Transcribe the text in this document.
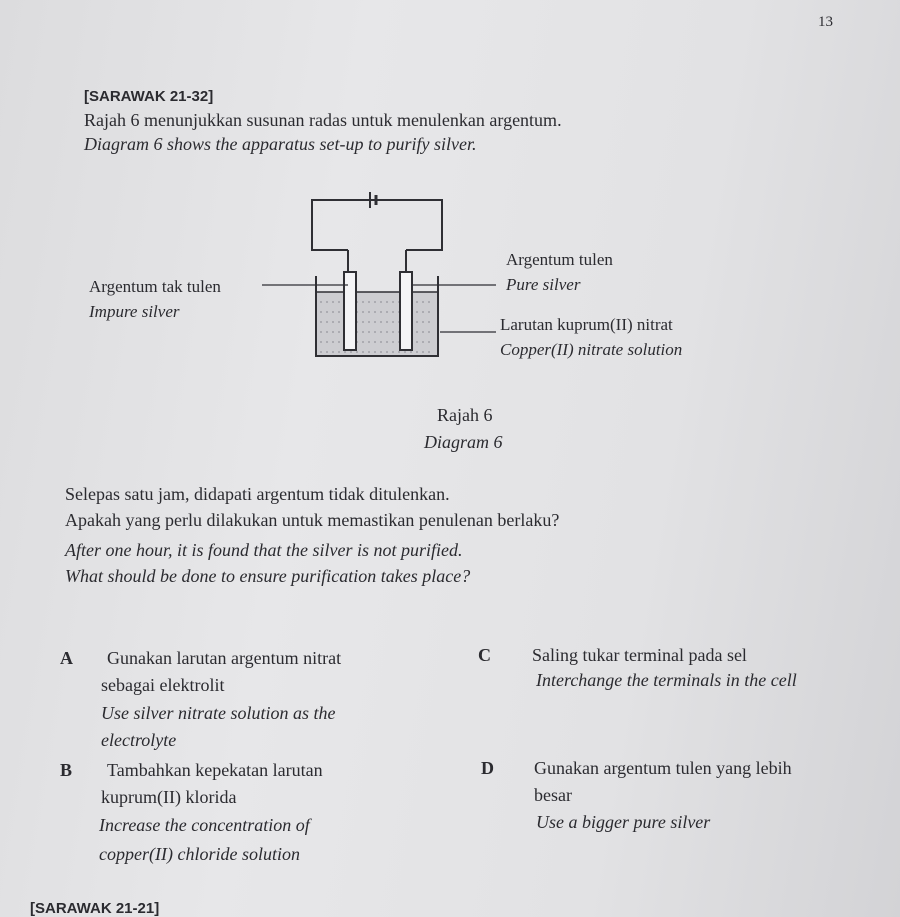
13
[SARAWAK 21-32]
Rajah 6 menunjukkan susunan radas untuk menulenkan argentum.
Diagram 6 shows the apparatus set-up to purify silver.
Argentum tak tulen
Impure silver
Argentum tulen
Pure silver
Larutan kuprum(II) nitrat
Copper(II) nitrate solution
Rajah 6
Diagram 6
Selepas satu jam, didapati argentum tidak ditulenkan.
Apakah yang perlu dilakukan untuk memastikan penulenan berlaku?
After one hour, it is found that the silver is not purified.
What should be done to ensure purification takes place?
A Gunakan larutan argentum nitrat
sebagai elektrolit
Use silver nitrate solution as the
electrolyte
B Tambahkan kepekatan larutan
kuprum(II) klorida
Increase the concentration of
copper(II) chloride solution
C Saling tukar terminal pada sel
Interchange the terminals in the cell
D Gunakan argentum tulen yang lebih
besar
Use a bigger pure silver
[SARAWAK 21-21]
